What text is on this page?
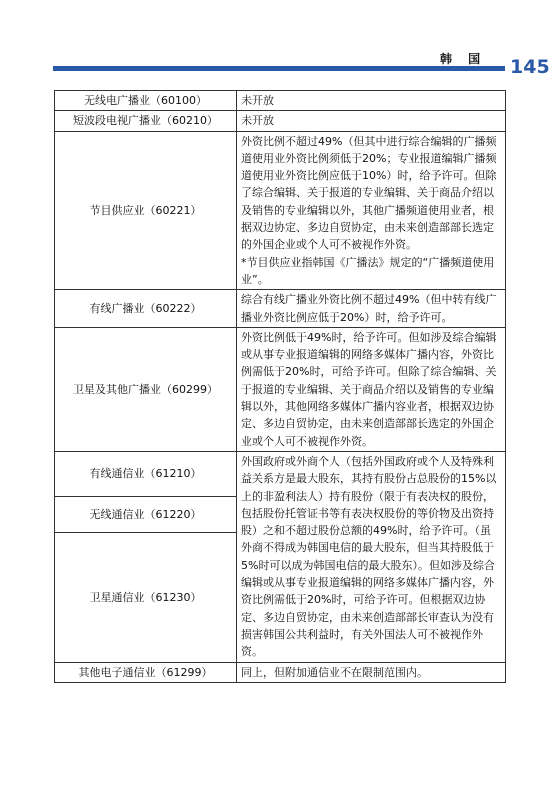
韩 国 145
无线电广播业（60100）	未开放

短波段电视广播业（60210）	未开放

节目供应业（60221）	外资比例不超过49%（但其中进行综合编辑的广播频道使用业外资比例须低于20%；专业报道编辑广播频道使用业外资比例应低于10%）时，给予许可。但除了综合编辑、关于报道的专业编辑、关于商品介绍以及销售的专业编辑以外，其他广播频道使用业者，根据双边协定、多边自贸协定，由未来创造部部长选定的外国企业或个人可不被视作外资。

*节目供应业指韩国《广播法》规定的“广播频道使用业”。

有线广播业（60222）	综合有线广播业外资比例不超过49%（但中转有线广播业外资比例应低于20%）时，给予许可。

卫星及其他广播业（60299）	外资比例低于49%时，给予许可。但如涉及综合编辑或从事专业报道编辑的网络多媒体广播内容，外资比例需低于20%时，可给予许可。但除了综合编辑、关于报道的专业编辑、关于商品介绍以及销售的专业编辑以外，其他网络多媒体广播内容业者，根据双边协定、多边自贸协定，由未来创造部部长选定的外国企业或个人可不被视作外资。

有线通信业（61210）	外国政府或外商个人（包括外国政府或个人及特殊利益关系方是最大股东，其持有股份占总股份的15%以上的非盈利法人）持有股份（限于有表决权的股份，包括股份托管证书等有表决权股份的等价物及出资持股）之和不超过股份总额的49%时，给予许可。（虽外商不得成为韩国电信的最大股东，但当其持股低于5%时可以成为韩国电信的最大股东）。但如涉及综合编辑或从事专业报道编辑的网络多媒体广播内容，外资比例需低于20%时，可给予许可。但根据双边协定、多边自贸协定，由未来创造部部长审查认为没有损害韩国公共利益时，有关外国法人可不被视作外资。

无线通信业（61220）	
卫星通信业（61230）	
其他电子通信业（61299）	同上，但附加通信业不在限制范围内。
